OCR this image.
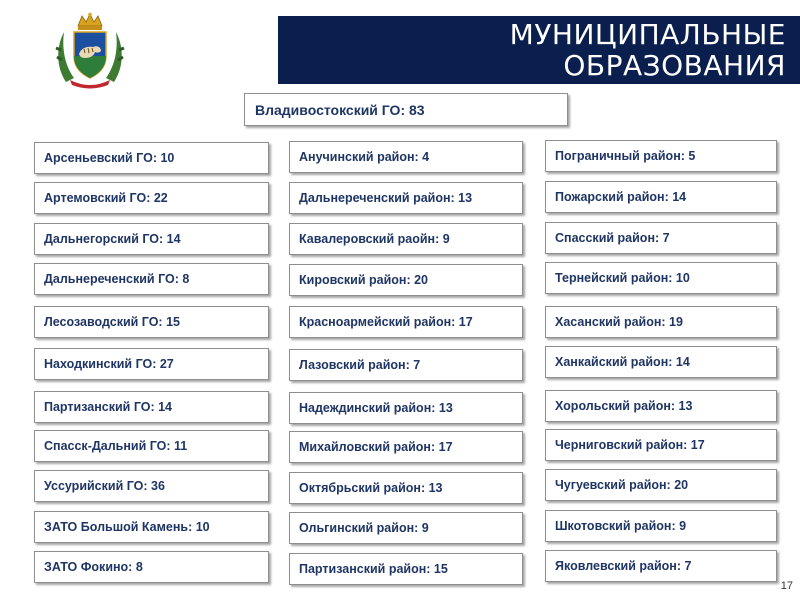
МУНИЦИПАЛЬНЫЕ
ОБРАЗОВАНИЯ
Владивостокский ГО: 83
Арсеньевский ГО: 10
Артемовский ГО: 22
Дальнегорский ГО: 14
Дальнереченский ГО: 8
Лесозаводский ГО: 15
Находкинский ГО: 27
Партизанский ГО: 14
Спасск-Дальний ГО: 11
Уссурийский ГО: 36
ЗАТО Большой Камень: 10
ЗАТО Фокино: 8
Анучинский район: 4
Дальнереченский район: 13
Кавалеровский раойн: 9
Кировский район: 20
Красноармейский район: 17
Лазовский район: 7
Надеждинский район: 13
Михайловский район: 17
Октябрьский район: 13
Ольгинский район: 9
Партизанский район: 15
Пограничный район: 5
Пожарский район: 14
Спасский район: 7
Тернейский район: 10
Хасанский район: 19
Ханкайский район: 14
Хорольский район: 13
Черниговский район: 17
Чугуевский район: 20
Шкотовский район: 9
Яковлевский район: 7
17
